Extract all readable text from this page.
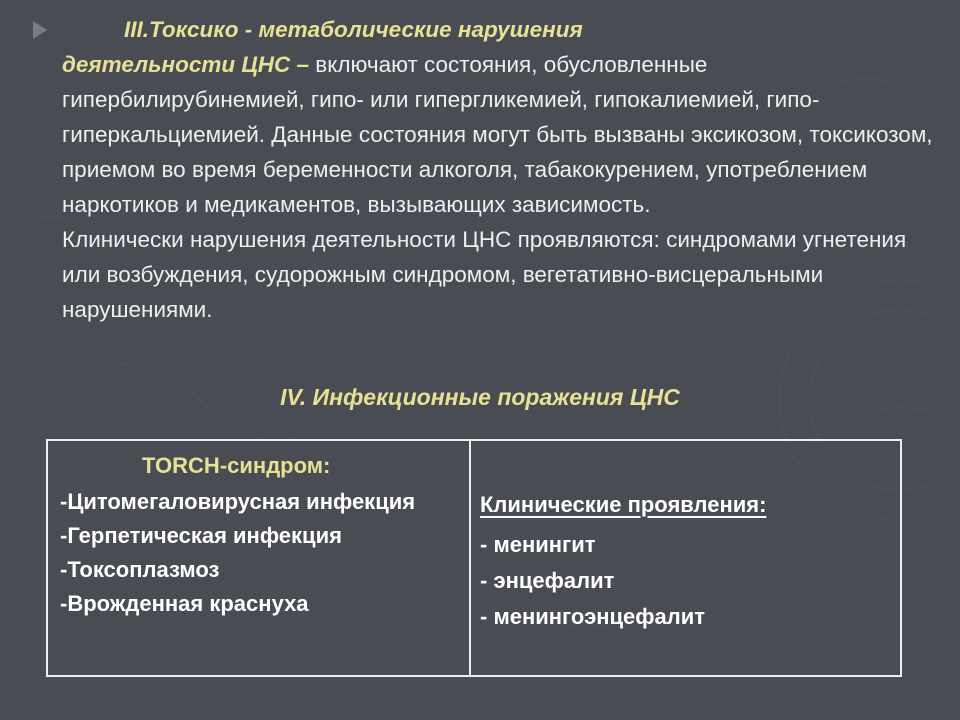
III.Токсико - метаболические нарушения
деятельности ЦНС – включают состояния, обусловленные гипербилирубинемией, гипо- или гипергликемией, гипокалиемией, гипо- гиперкальциемией. Данные состояния могут быть вызваны эксикозом, токсикозом, приемом во время беременности алкоголя, табакокурением, употреблением наркотиков и медикаментов, вызывающих зависимость.
Клинически нарушения деятельности ЦНС проявляются: синдромами угнетения или возбуждения, судорожным синдромом, вегетативно-висцеральными нарушениями.

IV. Инфекционные поражения ЦНС
TORCH-синдром:
-Цитомегаловирусная инфекция
-Герпетическая инфекция
-Токсоплазмоз
-Врожденная краснуха
Клинические проявления:
- менингит
- энцефалит
- менингоэнцефалит
